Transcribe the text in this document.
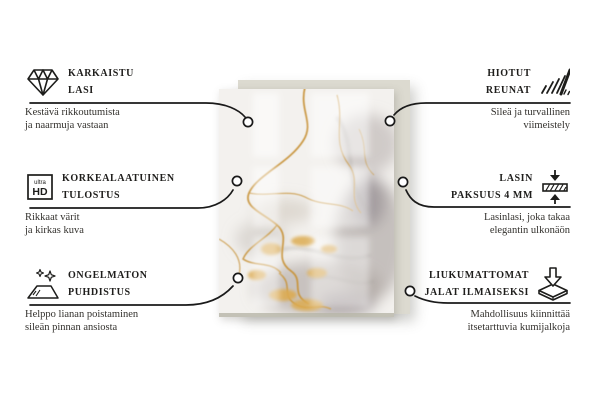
KARKAISTU
LASI
Kestävä rikkoutumista
ja naarmuja vastaan
ultra
HD
KORKEALAATUINEN
TULOSTUS
Rikkaat värit
ja kirkas kuva
ONGELMATON
PUHDISTUS
Helppo lianan poistaminen
sileän pinnan ansiosta
HIOTUT
REUNAT
Sileä ja turvallinen
viimeistely
LASIN
PAKSUUS 4 MM
Lasinlasi, joka takaa
elegantin ulkonäön
LIUKUMATTOMAT
JALAT ILMAISEKSI
Mahdollisuus kiinnittää
itsetarttuvia kumijalkoja
